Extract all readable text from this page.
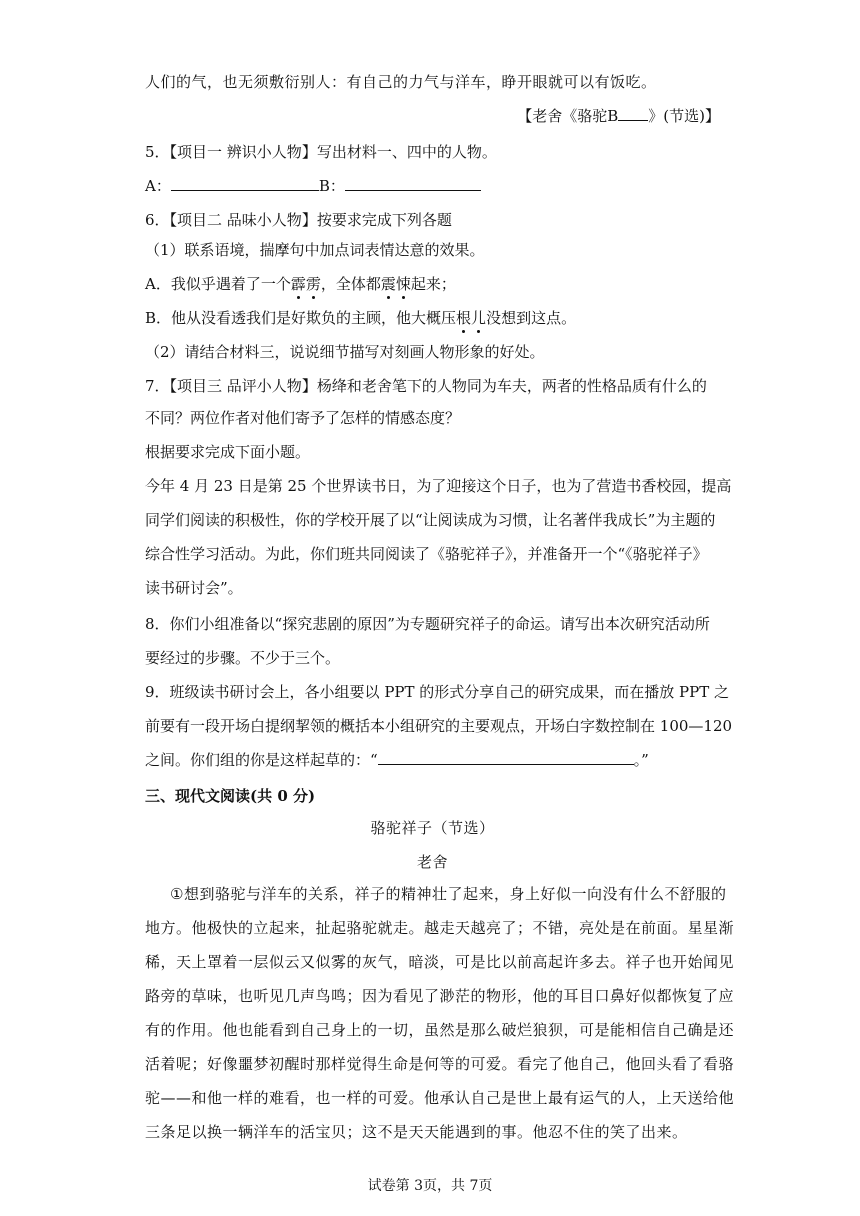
人们的气，也无须敷衍别人：有自己的力气与洋车，睁开眼就可以有饭吃。
【老舍《骆驼B 》(节选)】
5．【项目一 辨识小人物】写出材料一、四中的人物。
A：	B：
6．【项目二 品味小人物】按要求完成下列各题
（1）联系语境，揣摩句中加点词表情达意的效果。
A．我似乎遇着了一个霹雳，全体都震悚起来；
B．他从没看透我们是好欺负的主顾，他大概压根儿没想到这点。
（2）请结合材料三，说说细节描写对刻画人物形象的好处。
7．【项目三 品评小人物】杨绛和老舍笔下的人物同为车夫，两者的性格品质有什么的
不同？两位作者对他们寄予了怎样的情感态度？
根据要求完成下面小题。
今年 4 月 23 日是第 25 个世界读书日，为了迎接这个日子，也为了营造书香校园，提高
同学们阅读的积极性，你的学校开展了以“让阅读成为习惯，让名著伴我成长”为主题的
综合性学习活动。为此，你们班共同阅读了《骆驼祥子》，并准备开一个“《骆驼祥子》
读书研讨会”。
8．你们小组准备以“探究悲剧的原因”为专题研究祥子的命运。请写出本次研究活动所
要经过的步骤。不少于三个。
9．班级读书研讨会上，各小组要以 PPT 的形式分享自己的研究成果，而在播放 PPT 之
前要有一段开场白提纲挈领的概括本小组研究的主要观点，开场白字数控制在 100—120
之间。你们组的你是这样起草的：“	。”
三、现代文阅读(共 0 分)
骆驼祥子（节选）
老舍
①想到骆驼与洋车的关系，祥子的精神壮了起来，身上好似一向没有什么不舒服的
地方。他极快的立起来，扯起骆驼就走。越走天越亮了；不错，亮处是在前面。星星渐
稀，天上罩着一层似云又似雾的灰气，暗淡，可是比以前高起许多去。祥子也开始闻见
路旁的草味，也听见几声鸟鸣；因为看见了渺茫的物形，他的耳目口鼻好似都恢复了应
有的作用。他也能看到自己身上的一切，虽然是那么破烂狼狈，可是能相信自己确是还
活着呢；好像噩梦初醒时那样觉得生命是何等的可爱。看完了他自己，他回头看了看骆
驼——和他一样的难看，也一样的可爱。他承认自己是世上最有运气的人，上天送给他
三条足以换一辆洋车的活宝贝；这不是天天能遇到的事。他忍不住的笑了出来。
试卷第 3页，共 7页
